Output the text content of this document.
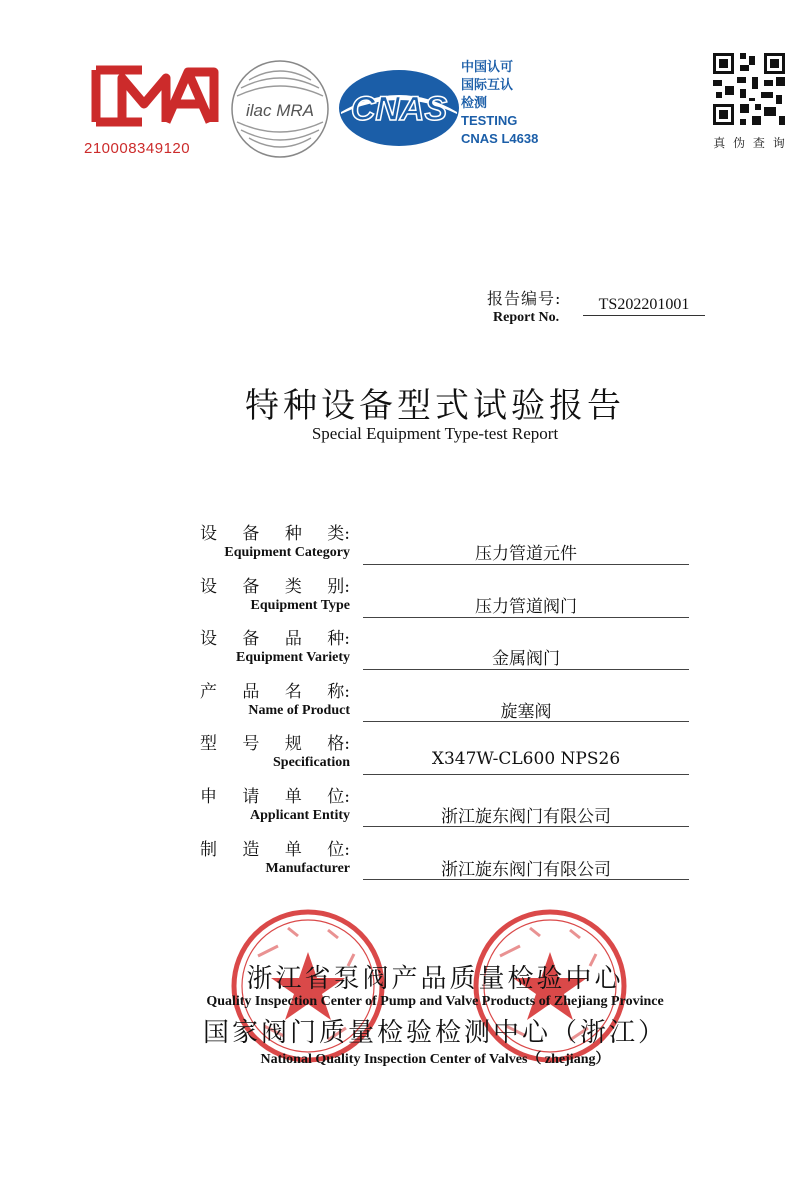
210008349120
ilac MRA CNAS
中国认可
国际互认
检测
TESTING
CNAS L4638	真 伪 查 询
报告编号:
Report No.
TS202201001
特种设备型式试验报告
Special Equipment Type-test Report
设 备 种 类:
Equipment Category	压力管道元件
设 备 类 别:
Equipment Type	压力管道阀门
设 备 品 种:
Equipment Variety	金属阀门
产 品 名 称:
Name of Product	旋塞阀
型 号 规 格:
Specification	X347W-CL600 NPS26
申 请 单 位:
Applicant Entity	浙江旋东阀门有限公司
制 造 单 位:
Manufacturer	浙江旋东阀门有限公司
浙江省泵阀产品质量检验中心
Quality Inspection Center of Pump and Valve Products of Zhejiang Province
国家阀门质量检验检测中心（浙江）
National Quality Inspection Center of Valves（ zhejiang）
